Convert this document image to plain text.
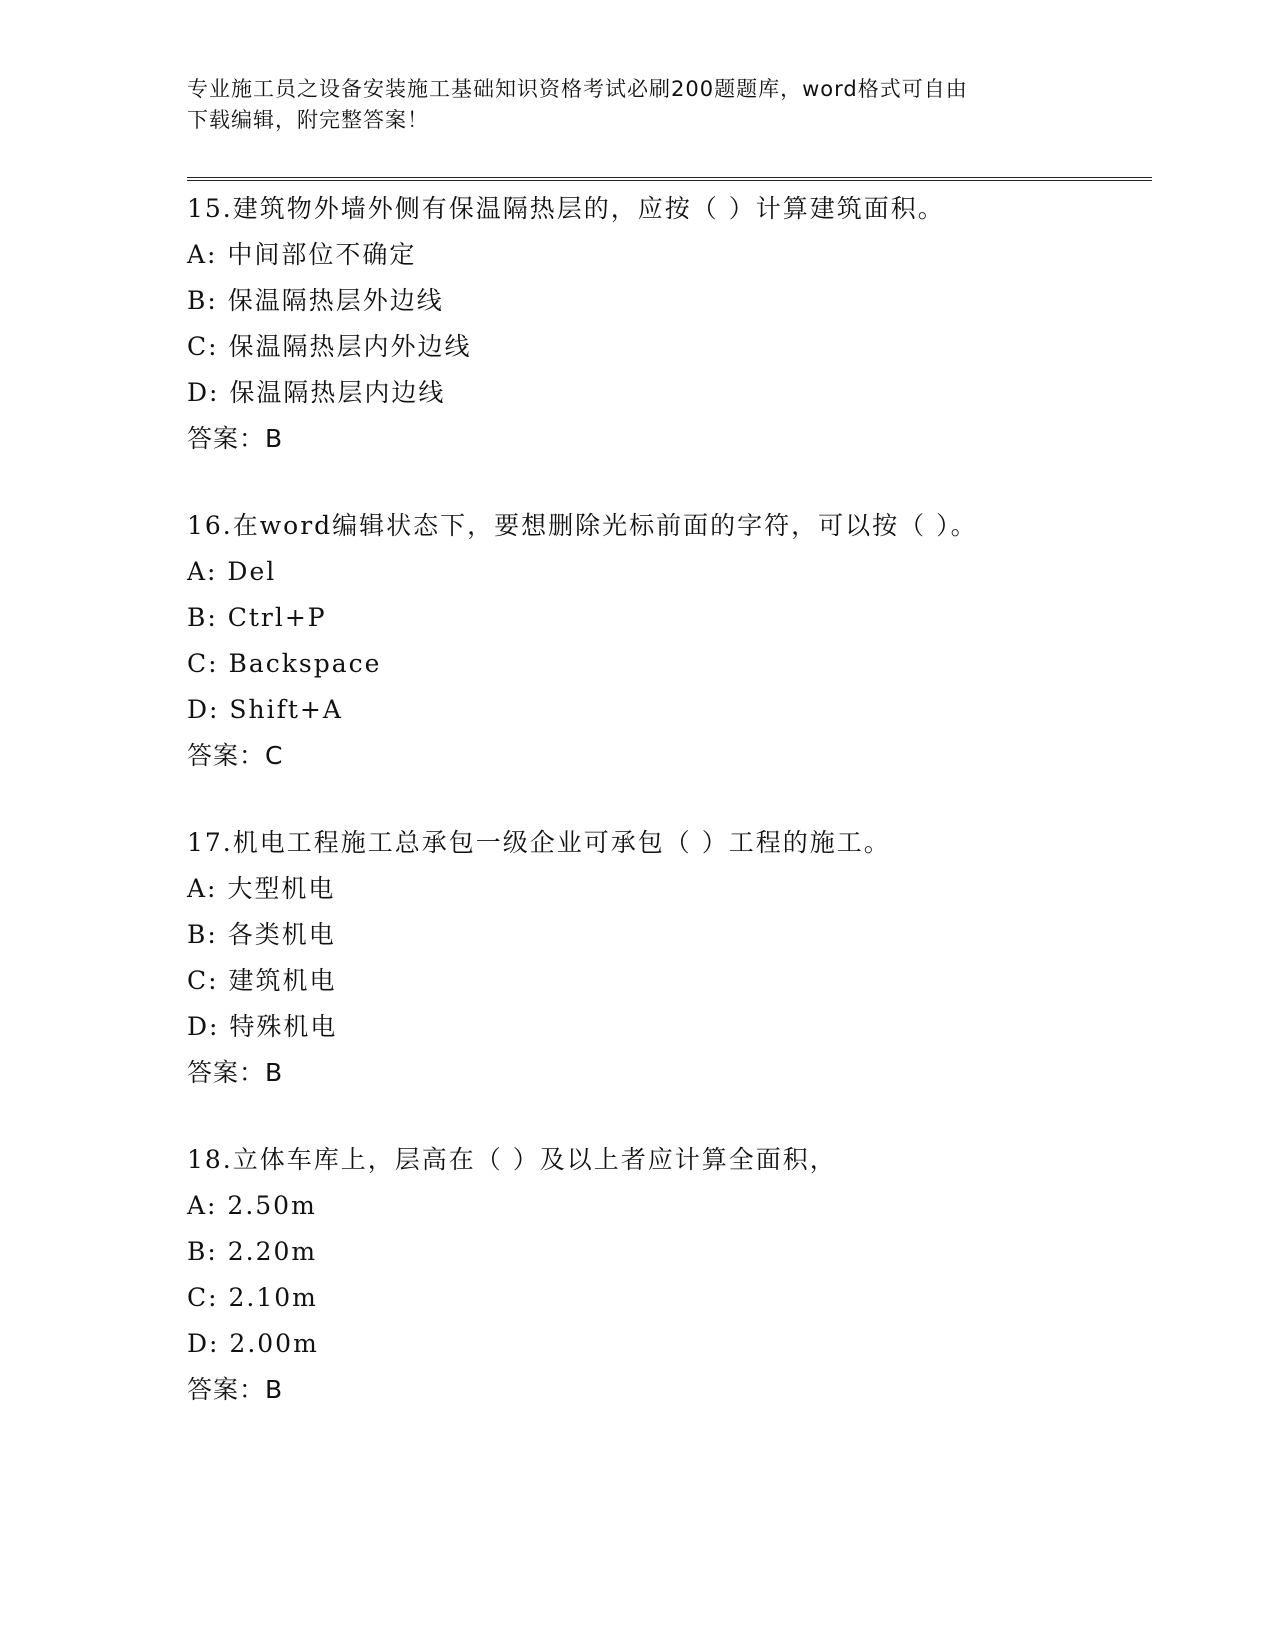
专业施工员之设备安装施工基础知识资格考试必刷200题题库，word格式可自由
下载编辑，附完整答案！
15.建筑物外墙外侧有保温隔热层的，应按（ ）计算建筑面积。
A: 中间部位不确定
B: 保温隔热层外边线
C: 保温隔热层内外边线
D: 保温隔热层内边线
答案：B
16.在word编辑状态下，要想删除光标前面的字符，可以按（ ）。
A: Del
B: Ctrl+P
C: Backspace
D: Shift+A
答案：C
17.机电工程施工总承包一级企业可承包（ ）工程的施工。
A: 大型机电
B: 各类机电
C: 建筑机电
D: 特殊机电
答案：B
18.立体车库上，层高在（ ）及以上者应计算全面积，
A: 2.50m
B: 2.20m
C: 2.10m
D: 2.00m
答案：B
